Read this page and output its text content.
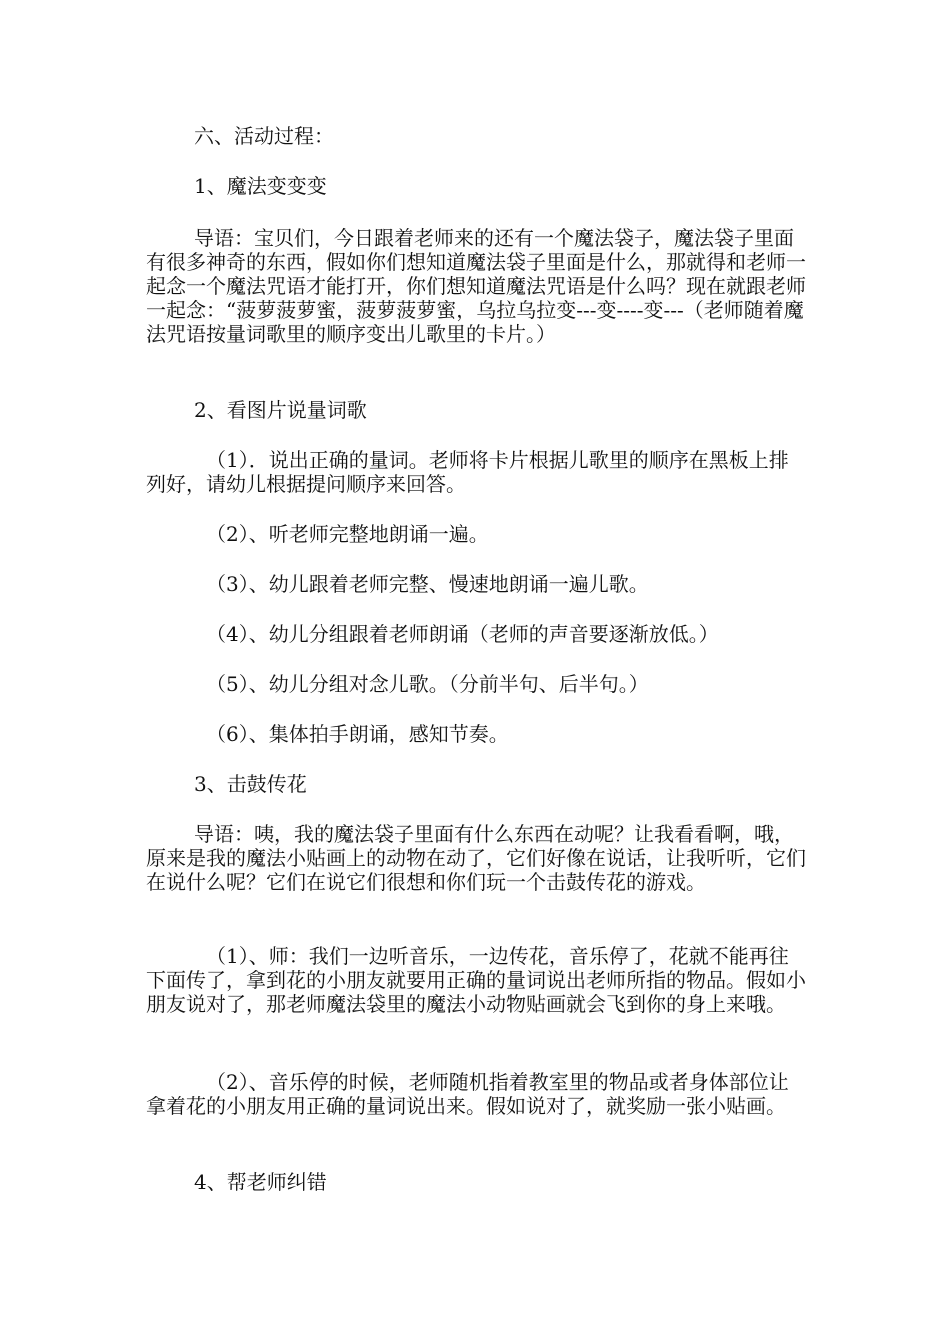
六、活动过程：

1、魔法变变变

导语：宝贝们，今日跟着老师来的还有一个魔法袋子，魔法袋子里面有很多神奇的东西，假如你们想知道魔法袋子里面是什么，那就得和老师一起念一个魔法咒语才能打开，你们想知道魔法咒语是什么吗？现在就跟老师一起念：“菠萝菠萝蜜，菠萝菠萝蜜，乌拉乌拉变---变----变---（老师随着魔法咒语按量词歌里的顺序变出儿歌里的卡片。）

2、看图片说量词歌

（1）．说出正确的量词。老师将卡片根据儿歌里的顺序在黑板上排列好，请幼儿根据提问顺序来回答。

（2）、听老师完整地朗诵一遍。

（3）、幼儿跟着老师完整、慢速地朗诵一遍儿歌。

（4）、幼儿分组跟着老师朗诵（老师的声音要逐渐放低。）

（5）、幼儿分组对念儿歌。（分前半句、后半句。）

（6）、集体拍手朗诵，感知节奏。

3、击鼓传花

导语：咦，我的魔法袋子里面有什么东西在动呢？让我看看啊，哦，原来是我的魔法小贴画上的动物在动了，它们好像在说话，让我听听，它们在说什么呢？它们在说它们很想和你们玩一个击鼓传花的游戏。

（1）、师：我们一边听音乐，一边传花，音乐停了，花就不能再往下面传了，拿到花的小朋友就要用正确的量词说出老师所指的物品。假如小朋友说对了，那老师魔法袋里的魔法小动物贴画就会飞到你的身上来哦。

（2）、音乐停的时候，老师随机指着教室里的物品或者身体部位让拿着花的小朋友用正确的量词说出来。假如说对了，就奖励一张小贴画。

4、帮老师纠错
